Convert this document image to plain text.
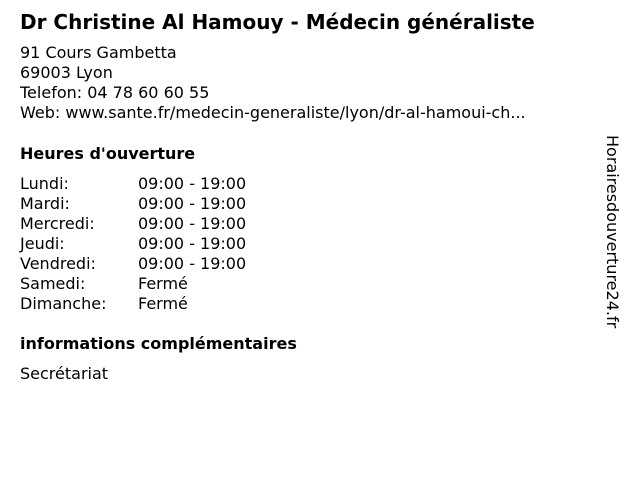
Dr Christine Al Hamouy - Médecin généraliste
91 Cours Gambetta
69003 Lyon
Telefon: 04 78 60 60 55
Web: www.sante.fr/medecin-generaliste/lyon/dr-al-hamoui-ch...
Heures d'ouverture
Lundi:	09:00 - 19:00
Mardi:	09:00 - 19:00
Mercredi:	09:00 - 19:00
Jeudi:	09:00 - 19:00
Vendredi:	09:00 - 19:00
Samedi:	Fermé
Dimanche:	Fermé
informations complémentaires
Secrétariat
Horairesdouverture24.fr
